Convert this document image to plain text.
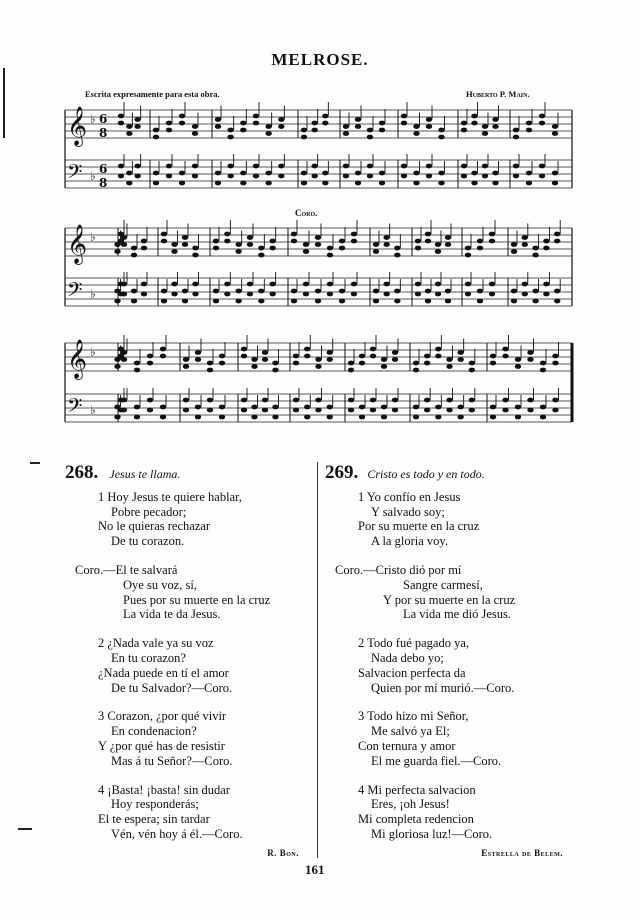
MELROSE.
Escrita expresamente para esta obra.	Huberto P. Main.
Coro.
𝄞 ♭ 6
8
𝄢 ♭ 6
8
𝄞 ♭
𝄢 ♭
𝄞 ♭
𝄢 ♭
268. Jesus te llama.
1 Hoy Jesus te quiere hablar,
Pobre pecador;
No le quieras rechazar
De tu corazon.
Coro.—El te salvará
Oye su voz, sí,
Pues por su muerte en la cruz
La vida te da Jesus.
2 ¿Nada vale ya su voz
En tu corazon?
¿Nada puede en tí el amor
De tu Salvador?—Coro.
3 Corazon, ¿por qué vivir
En condenacion?
Y ¿por qué has de resistir
Mas á tu Señor?—Coro.
4 ¡Basta! ¡basta! sin dudar
Hoy responderás;
El te espera; sin tardar
Vén, vén hoy á él.—Coro.
R. Bon.
269. Cristo es todo y en todo.
1 Yo confío en Jesus
Y salvado soy;
Por su muerte en la cruz
A la gloria voy.
Coro.—Cristo dió por mí
Sangre carmesí,
Y por su muerte en la cruz
La vida me dió Jesus.
2 Todo fué pagado ya,
Nada debo yo;
Salvacion perfecta da
Quien por mí murió.—Coro.
3 Todo hizo mi Señor,
Me salvó ya El;
Con ternura y amor
El me guarda fiel.—Coro.
4 Mi perfecta salvacion
Eres, ¡oh Jesus!
Mi completa redencion
Mi gloriosa luz!—Coro.
Estrella de Belem.
161
